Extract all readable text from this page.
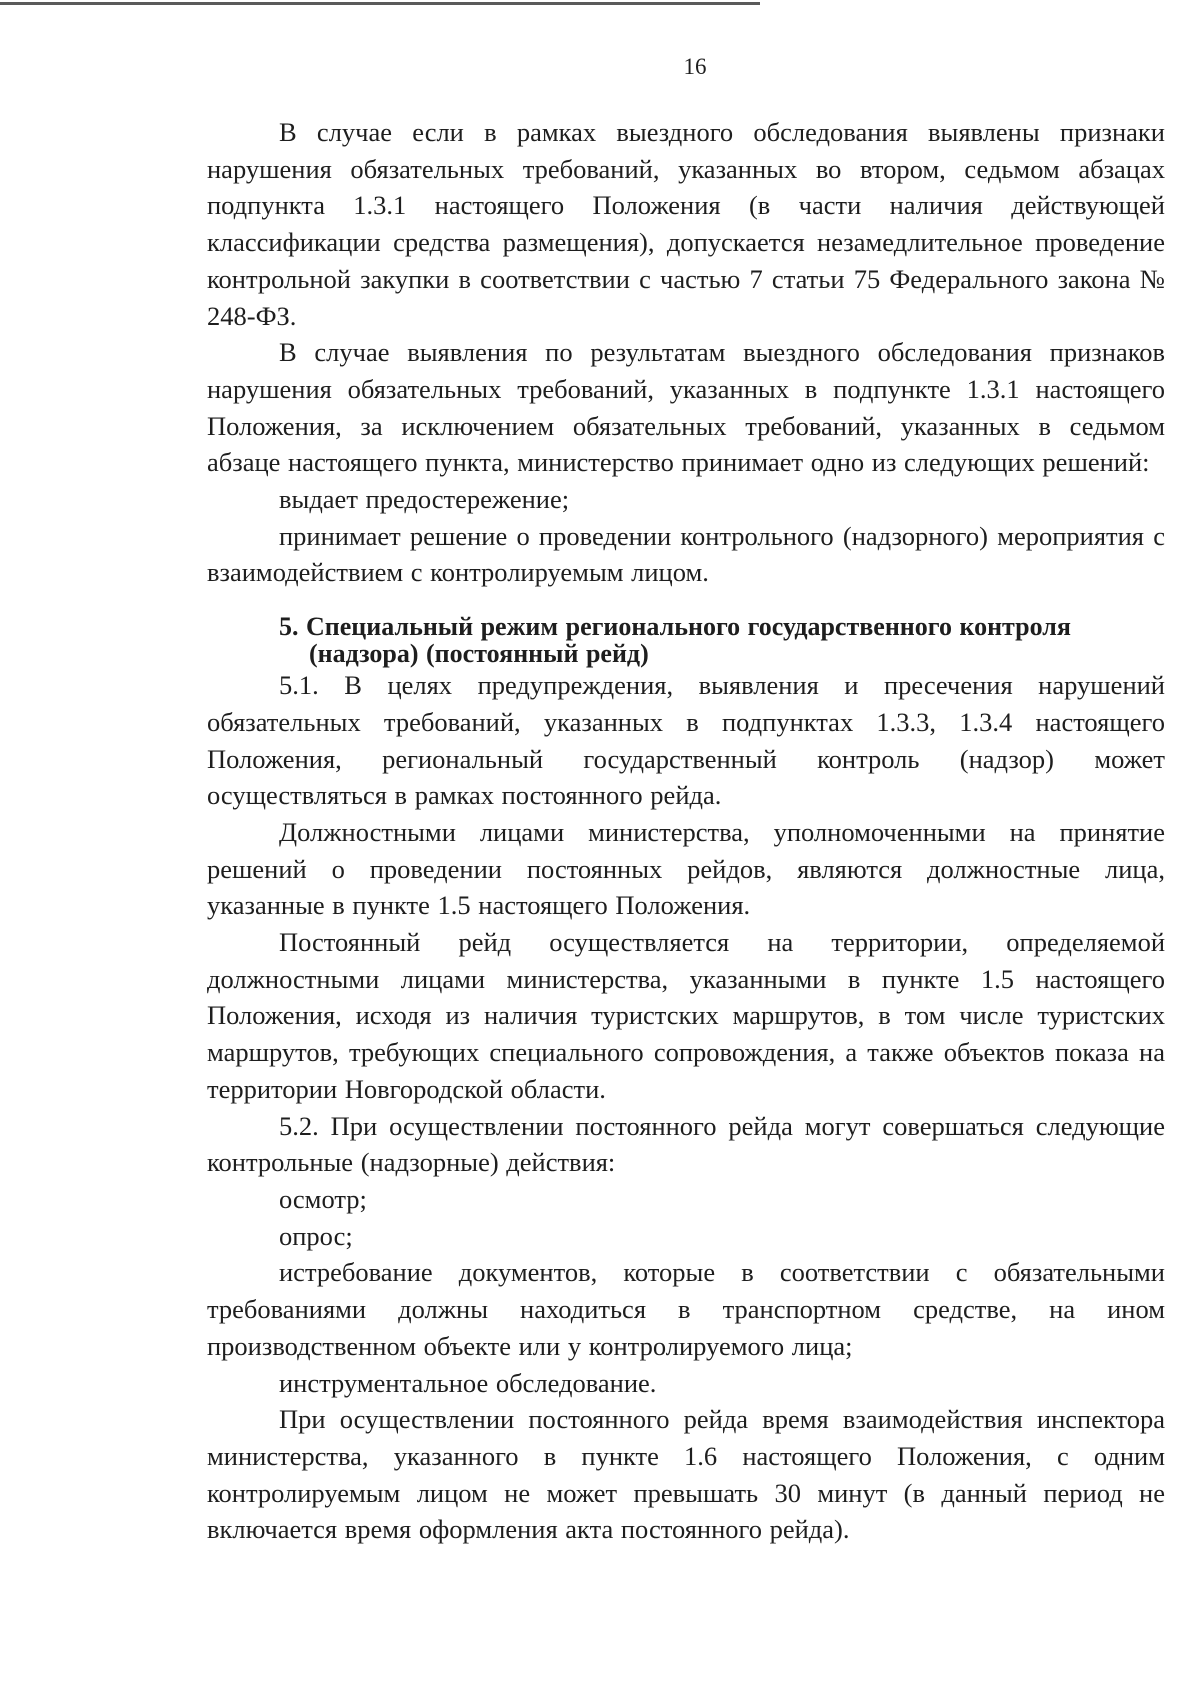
16

В случае если в рамках выездного обследования выявлены признаки нарушения обязательных требований, указанных во втором, седьмом абзацах подпункта 1.3.1 настоящего Положения (в части наличия действующей классификации средства размещения), допускается незамедлительное проведение контрольной закупки в соответствии с частью 7 статьи 75 Федерального закона № 248-ФЗ.

В случае выявления по результатам выездного обследования признаков нарушения обязательных требований, указанных в подпункте 1.3.1 настоящего Положения, за исключением обязательных требований, указанных в седьмом абзаце настоящего пункта, министерство принимает одно из следующих решений:

выдает предостережение;

принимает решение о проведении контрольного (надзорного) мероприятия с взаимодействием с контролируемым лицом.

5. Специальный режим регионального государственного контроля
(надзора) (постоянный рейд)

5.1. В целях предупреждения, выявления и пресечения нарушений обязательных требований, указанных в подпунктах 1.3.3, 1.3.4 настоящего Положения, региональный государственный контроль (надзор) может осуществляться в рамках постоянного рейда.

Должностными лицами министерства, уполномоченными на принятие решений о проведении постоянных рейдов, являются должностные лица, указанные в пункте 1.5 настоящего Положения.

Постоянный рейд осуществляется на территории, определяемой должностными лицами министерства, указанными в пункте 1.5 настоящего Положения, исходя из наличия туристских маршрутов, в том числе туристских маршрутов, требующих специального сопровождения, а также объектов показа на территории Новгородской области.

5.2. При осуществлении постоянного рейда могут совершаться следующие контрольные (надзорные) действия:

осмотр;

опрос;

истребование документов, которые в соответствии с обязательными требованиями должны находиться в транспортном средстве, на ином производственном объекте или у контролируемого лица;

инструментальное обследование.

При осуществлении постоянного рейда время взаимодействия инспектора министерства, указанного в пункте 1.6 настоящего Положения, с одним контролируемым лицом не может превышать 30 минут (в данный период не включается время оформления акта постоянного рейда).
